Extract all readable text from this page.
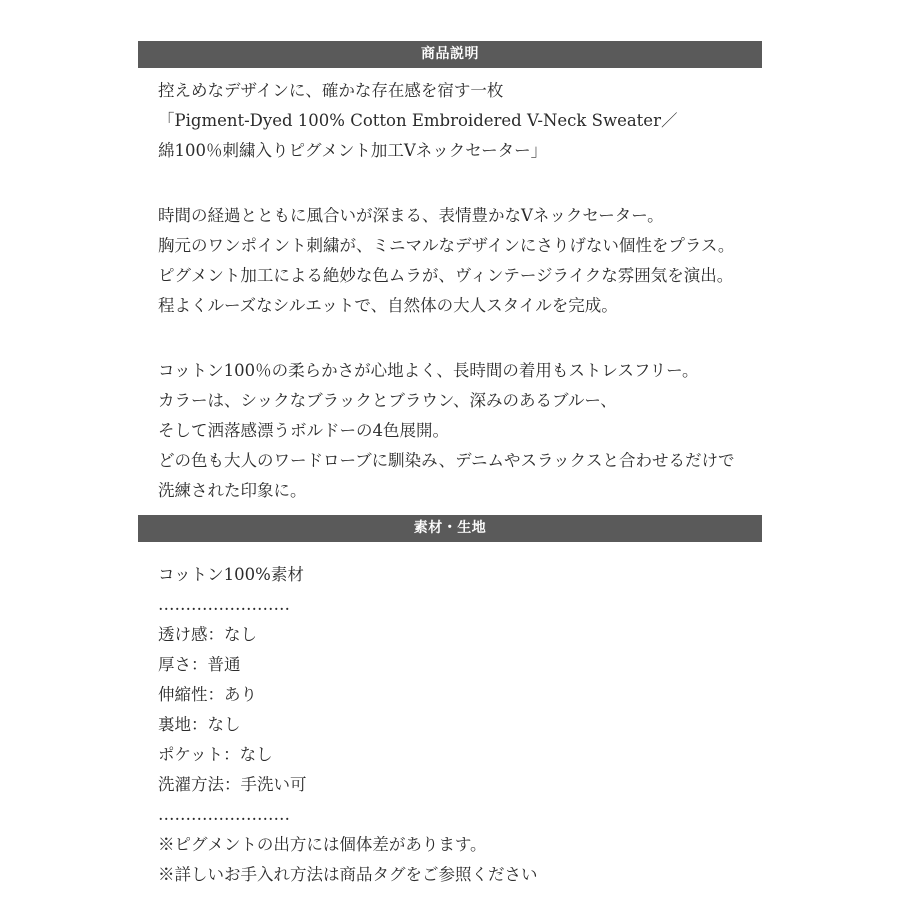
商品説明
控えめなデザインに、確かな存在感を宿す一枚
「Pigment-Dyed 100% Cotton Embroidered V-Neck Sweater／
綿100％刺繍入りピグメント加工Vネックセーター」
時間の経過とともに風合いが深まる、表情豊かなVネックセーター。
胸元のワンポイント刺繍が、ミニマルなデザインにさりげない個性をプラス。
ピグメント加工による絶妙な色ムラが、ヴィンテージライクな雰囲気を演出。
程よくルーズなシルエットで、自然体の大人スタイルを完成。
コットン100％の柔らかさが心地よく、長時間の着用もストレスフリー。
カラーは、シックなブラックとブラウン、深みのあるブルー、
そして洒落感漂うボルドーの4色展開。
どの色も大人のワードローブに馴染み、デニムやスラックスと合わせるだけで
洗練された印象に。
素材・生地
コットン100%素材
……………………
透け感：なし
厚さ：普通
伸縮性：あり
裏地：なし
ポケット：なし
洗濯方法：手洗い可
……………………
※ピグメントの出方には個体差があります。
※詳しいお手入れ方法は商品タグをご参照ください
